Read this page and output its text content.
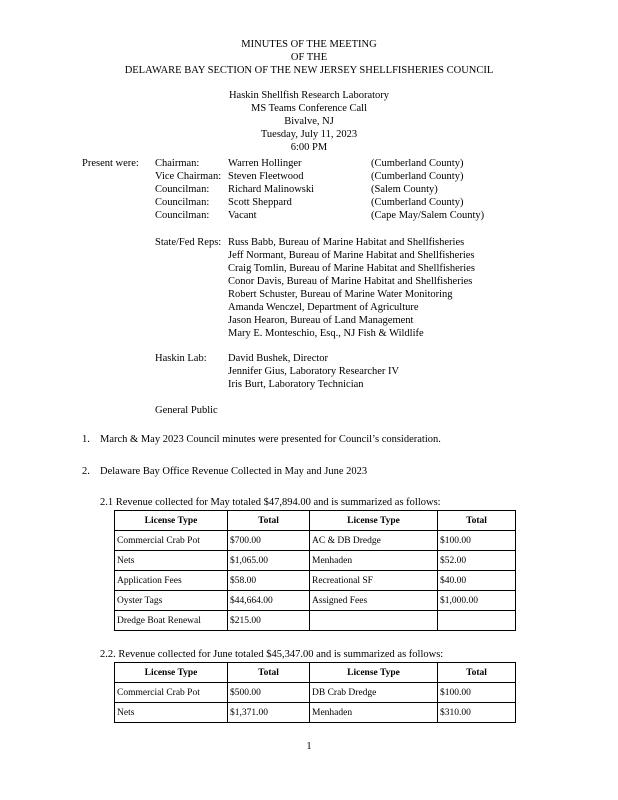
MINUTES OF THE MEETING
OF THE
DELAWARE BAY SECTION OF THE NEW JERSEY SHELLFISHERIES COUNCIL
Haskin Shellfish Research Laboratory
MS Teams Conference Call
Bivalve, NJ
Tuesday, July 11, 2023
6:00 PM
Present were: Chairman:	Warren Hollinger	(Cumberland County)
Vice Chairman: Steven Fleetwood	(Cumberland County)
Councilman: Richard Malinowski	(Salem County)
Councilman: Scott Sheppard	(Cumberland County)
Councilman: Vacant	(Cape May/Salem County)
State/Fed Reps: Russ Babb, Bureau of Marine Habitat and Shellfisheries
Jeff Normant, Bureau of Marine Habitat and Shellfisheries
Craig Tomlin, Bureau of Marine Habitat and Shellfisheries
Conor Davis, Bureau of Marine Habitat and Shellfisheries
Robert Schuster, Bureau of Marine Water Monitoring
Amanda Wenczel, Department of Agriculture
Jason Hearon, Bureau of Land Management
Mary E. Monteschio, Esq., NJ Fish & Wildlife
Haskin Lab: David Bushek, Director
Jennifer Gius, Laboratory Researcher IV
Iris Burt, Laboratory Technician
General Public
1. March & May 2023 Council minutes were presented for Council’s consideration.
2. Delaware Bay Office Revenue Collected in May and June 2023
2.1 Revenue collected for May totaled $47,894.00 and is summarized as follows:
License Type	Total	License Type	Total
Commercial Crab Pot	$700.00	AC & DB Dredge	$100.00
Nets	$1,065.00	Menhaden	$52.00
Application Fees	$58.00	Recreational SF	$40.00
Oyster Tags	$44,664.00	Assigned Fees	$1,000.00
Dredge Boat Renewal	$215.00		
2.2. Revenue collected for June totaled $45,347.00 and is summarized as follows:
License Type	Total	License Type	Total
Commercial Crab Pot	$500.00	DB Crab Dredge	$100.00
Nets	$1,371.00	Menhaden	$310.00
1
